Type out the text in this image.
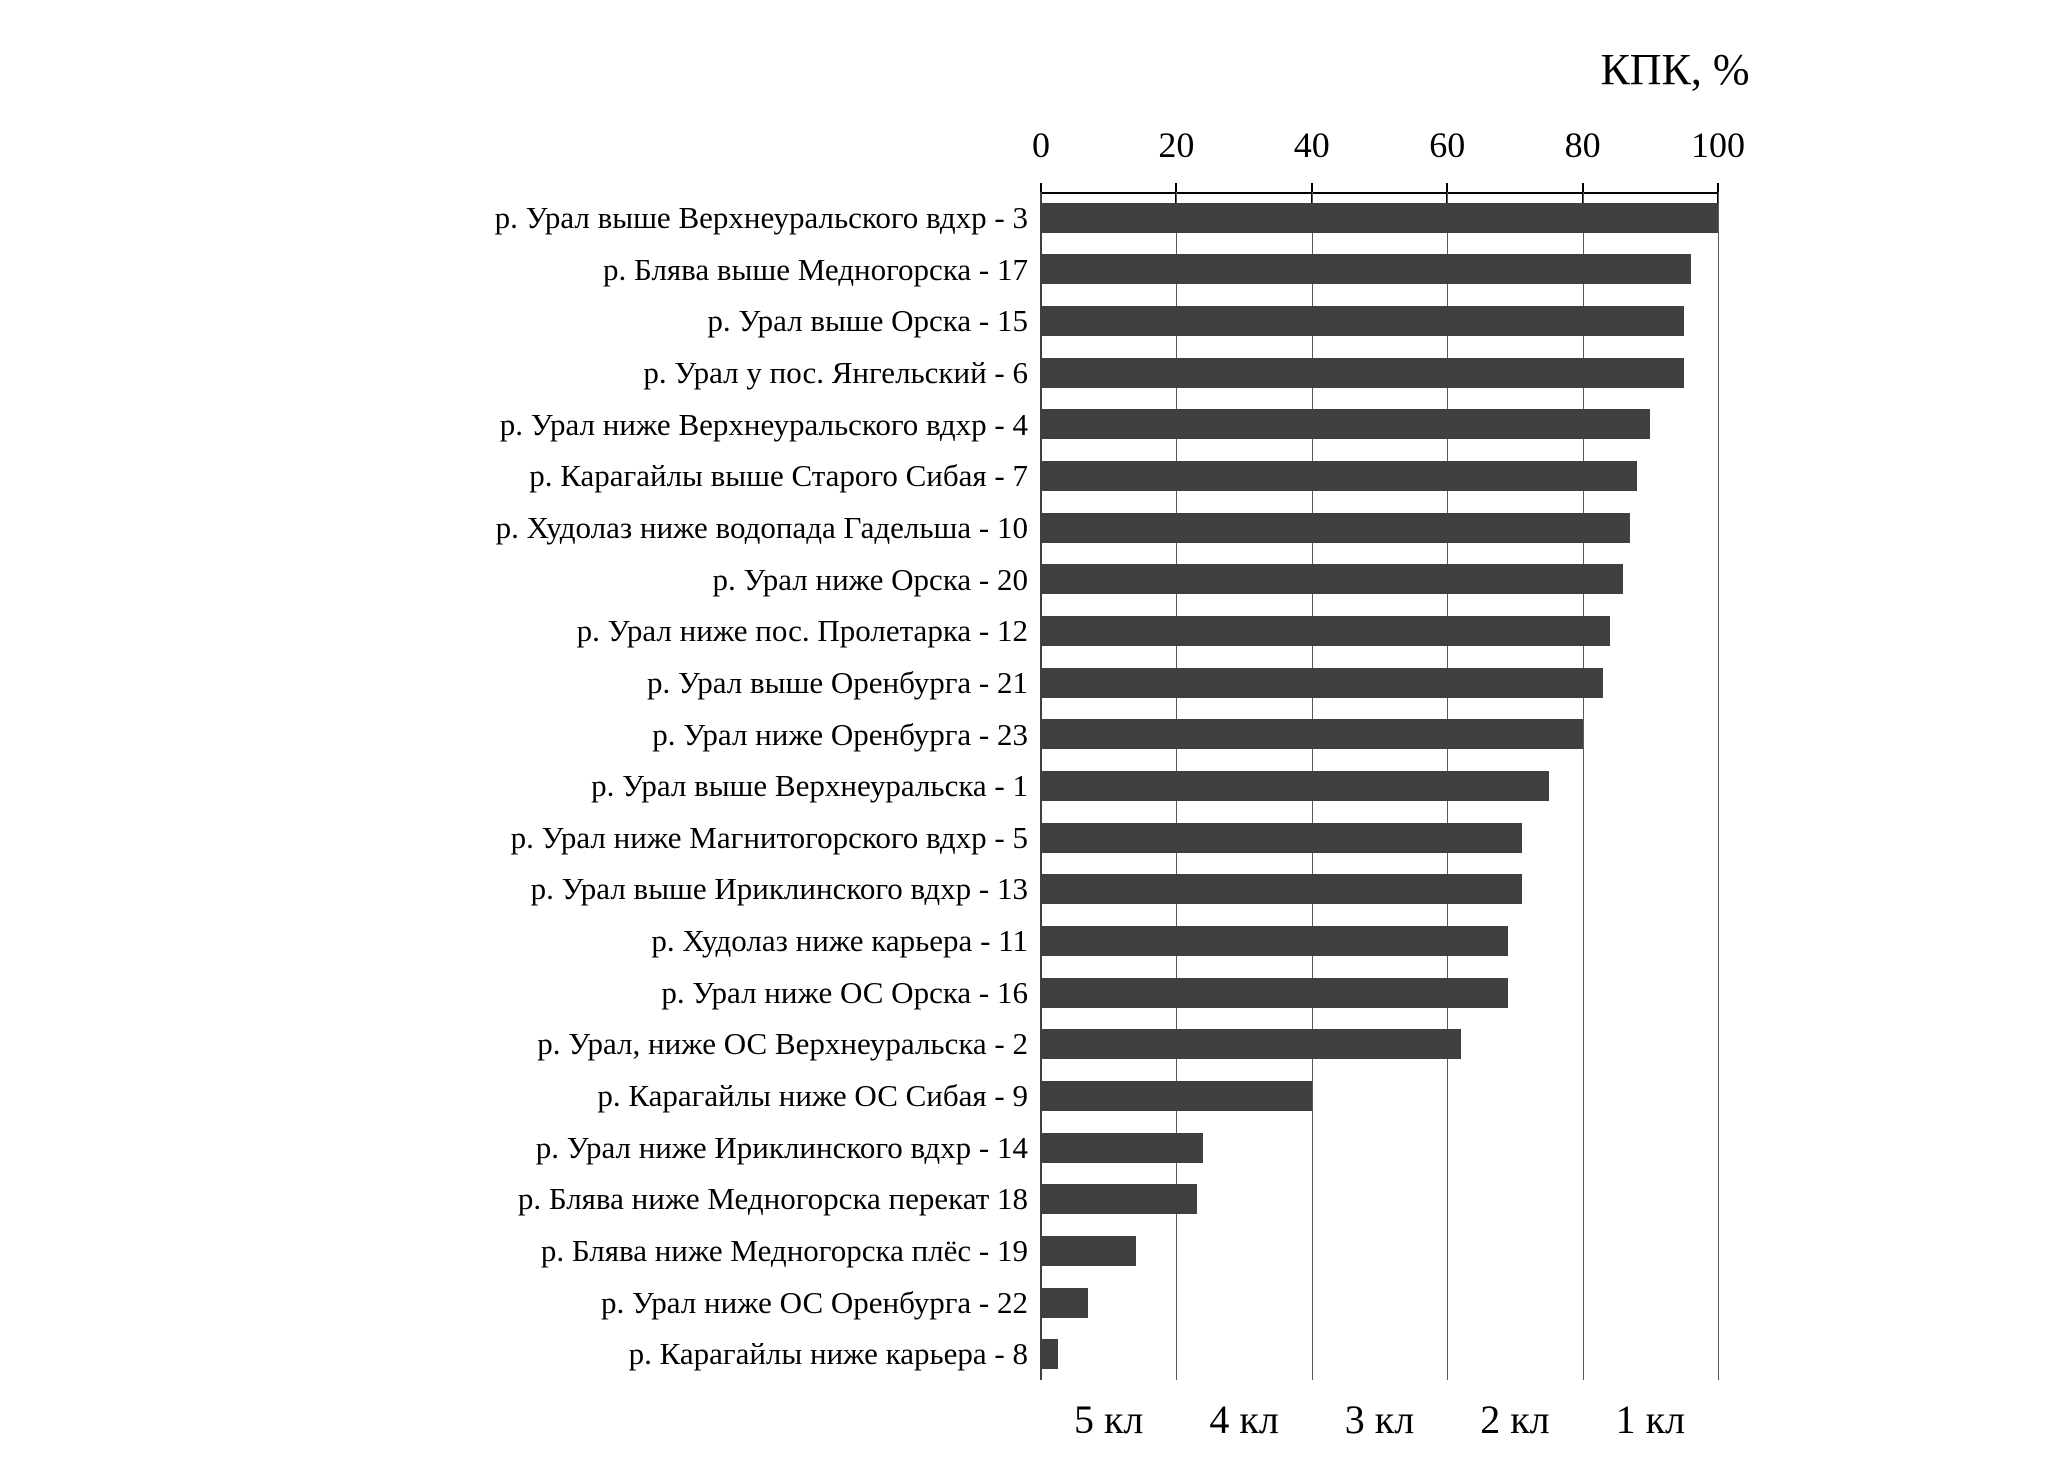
КПК, %
0	20	40	60	80	100
р. Урал выше Верхнеуральского вдхр - 3
р. Блява выше Медногорска - 17
р. Урал выше Орска - 15
р. Урал у пос. Янгельский - 6
р. Урал ниже Верхнеуральского вдхр - 4
р. Карагайлы выше Старого Сибая - 7
р. Худолаз ниже водопада Гадельша - 10
р. Урал ниже Орска - 20
р. Урал ниже пос. Пролетарка - 12
р. Урал выше Оренбурга - 21
р. Урал ниже Оренбурга - 23
р. Урал выше Верхнеуральска - 1
р. Урал ниже Магнитогорского вдхр - 5
р. Урал выше Ириклинского вдхр - 13
р. Худолаз ниже карьера - 11
р. Урал ниже ОС Орска - 16
р. Урал, ниже ОС Верхнеуральска - 2
р. Карагайлы ниже ОС Сибая - 9
р. Урал ниже Ириклинского вдхр - 14
р. Блява ниже Медногорска перекат 18
р. Блява ниже Медногорска плёс - 19
р. Урал ниже ОС Оренбурга - 22
р. Карагайлы ниже карьера - 8
5 кл 4 кл 3 кл 2 кл 1 кл
